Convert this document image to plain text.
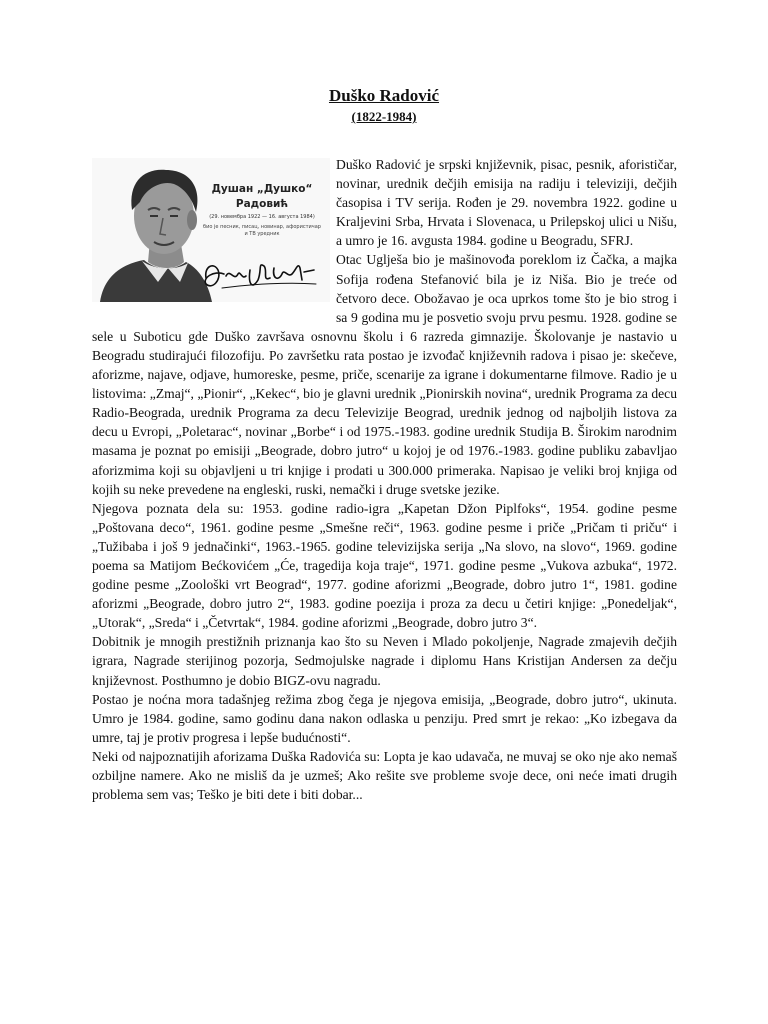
Duško Radović
(1822-1984)
Душан „Душко“
Радовић
(29. новембра 1922 — 16. августа 1984)
био је песник, писац, новинар, афористичар
и ТВ уредник

Duško Radović je srpski književnik, pisac, pesnik, aforističar, novinar, urednik dečjih emisija na radiju i televiziji, dečjih časopisa i TV serija. Rođen je 29. novembra 1922. godine u Kraljevini Srba, Hrvata i Slovenaca, u Prilepskoj ulici u Nišu, a umro je 16. avgusta 1984. godine u Beogradu, SFRJ.

Otac Uglješa bio je mašinovođa poreklom iz Čačka, a majka Sofija rođena Stefanović bila je iz Niša. Bio je treće od četvoro dece. Obožavao je oca uprkos tome što je bio strog i sa 9 godina mu je posvetio svoju prvu pesmu. 1928. godine se sele u Suboticu gde Duško završava osnovnu školu i 6 razreda gimnazije. Školovanje je nastavio u Beogradu studirajući filozofiju. Po završetku rata postao je izvođač književnih radova i pisao je: skečeve, aforizme, najave, odjave, humoreske, pesme, priče, scenarije za igrane i dokumentarne filmove. Radio je u listovima: „Zmaj“, „Pionir“, „Kekec“, bio je glavni urednik „Pionirskih novina“, urednik Programa za decu Radio-Beograda, urednik Programa za decu Televizije Beograd, urednik jednog od najboljih listova za decu u Evropi, „Poletarac“, novinar „Borbe“ i od 1975.-1983. godine urednik Studija B. Širokim narodnim masama je poznat po emisiji „Beograde, dobro jutro“ u kojoj je od 1976.-1983. godine publiku zabavljao aforizmima koji su objavljeni u tri knjige i prodati u 300.000 primeraka. Napisao je veliki broj knjiga od kojih su neke prevedene na engleski, ruski, nemački i druge svetske jezike.

Njegova poznata dela su: 1953. godine radio-igra „Kapetan Džon Piplfoks“, 1954. godine pesme „Poštovana deco“, 1961. godine pesme „Smešne reči“, 1963. godine pesme i priče „Pričam ti priču“ i „Tužibaba i još 9 jednačinki“, 1963.-1965. godine televizijska serija „Na slovo, na slovo“, 1969. godine poema sa Matijom Bećkovićem „Će, tragedija koja traje“, 1971. godine pesme „Vukova azbuka“, 1972. godine pesme „Zoološki vrt Beograd“, 1977. godine aforizmi „Beograde, dobro jutro 1“, 1981. godine aforizmi „Beograde, dobro jutro 2“, 1983. godine poezija i proza za decu u četiri knjige: „Ponedeljak“, „Utorak“, „Sreda“ i „Četvrtak“, 1984. godine aforizmi „Beograde, dobro jutro 3“.

Dobitnik je mnogih prestižnih priznanja kao što su Neven i Mlado pokoljenje, Nagrade zmajevih dečjih igrara, Nagrade sterijinog pozorja, Sedmojulske nagrade i diplomu Hans Kristijan Andersen za dečju književnost. Posthumno je dobio BIGZ-ovu nagradu.

Postao je noćna mora tadašnjeg režima zbog čega je njegova emisija, „Beograde, dobro jutro“, ukinuta. Umro je 1984. godine, samo godinu dana nakon odlaska u penziju. Pred smrt je rekao: „Ko izbegava da umre, taj je protiv progresa i lepše budućnosti“.

Neki od najpoznatijih aforizama Duška Radovića su: Lopta je kao udavača, ne muvaj se oko nje ako nemaš ozbiljne namere. Ako ne misliš da je uzmeš; Ako rešite sve probleme svoje dece, oni neće imati drugih problema sem vas; Teško je biti dete i biti dobar...
